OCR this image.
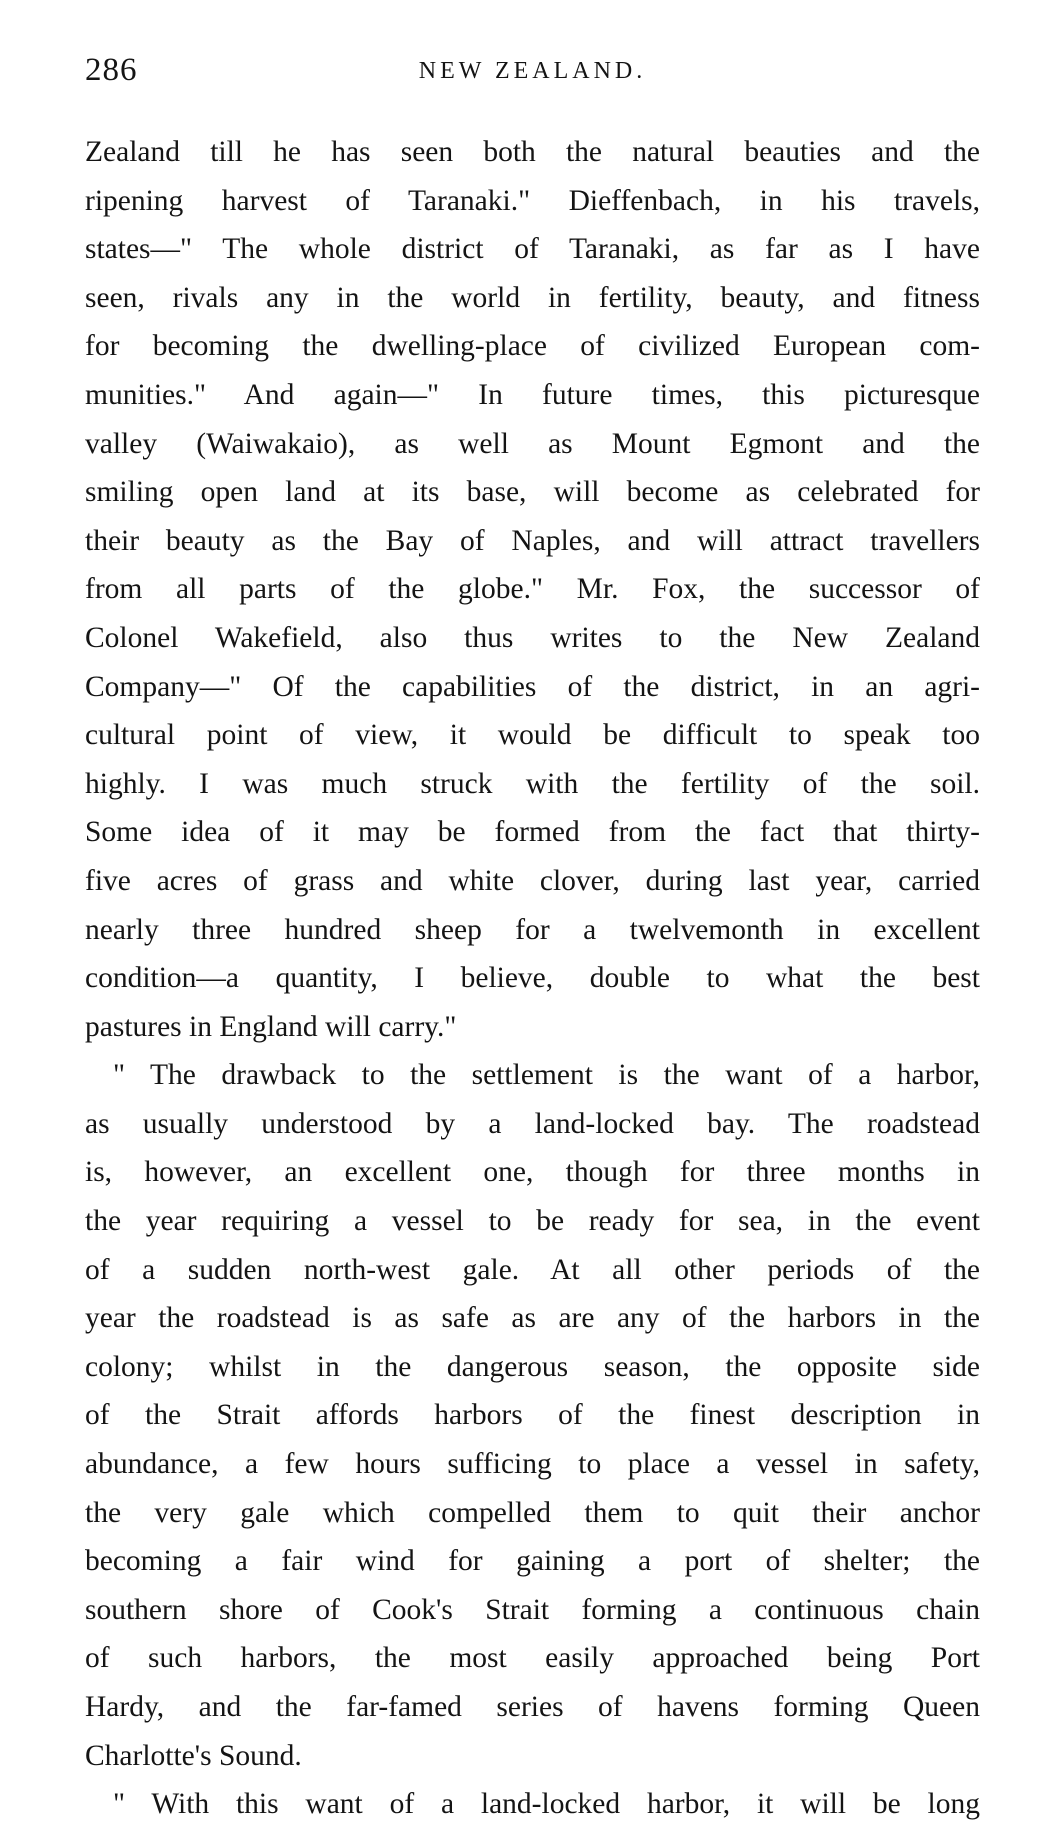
286	NEW ZEALAND.
Zealand till he has seen both the natural beauties and the
ripening harvest of Taranaki." Dieffenbach, in his travels,
states—" The whole district of Taranaki, as far as I have
seen, rivals any in the world in fertility, beauty, and fitness
for becoming the dwelling-place of civilized European com-
munities." And again—" In future times, this picturesque
valley (Waiwakaio), as well as Mount Egmont and the
smiling open land at its base, will become as celebrated for
their beauty as the Bay of Naples, and will attract travellers
from all parts of the globe." Mr. Fox, the successor of
Colonel Wakefield, also thus writes to the New Zealand
Company—" Of the capabilities of the district, in an agri-
cultural point of view, it would be difficult to speak too
highly. I was much struck with the fertility of the soil.
Some idea of it may be formed from the fact that thirty-
five acres of grass and white clover, during last year, carried
nearly three hundred sheep for a twelvemonth in excellent
condition—a quantity, I believe, double to what the best
pastures in England will carry."
" The drawback to the settlement is the want of a harbor,
as usually understood by a land-locked bay. The roadstead
is, however, an excellent one, though for three months in
the year requiring a vessel to be ready for sea, in the event
of a sudden north-west gale. At all other periods of the
year the roadstead is as safe as are any of the harbors in the
colony; whilst in the dangerous season, the opposite side
of the Strait affords harbors of the finest description in
abundance, a few hours sufficing to place a vessel in safety,
the very gale which compelled them to quit their anchor
becoming a fair wind for gaining a port of shelter; the
southern shore of Cook's Strait forming a continuous chain
of such harbors, the most easily approached being Port
Hardy, and the far-famed series of havens forming Queen
Charlotte's Sound.
" With this want of a land-locked harbor, it will be long
